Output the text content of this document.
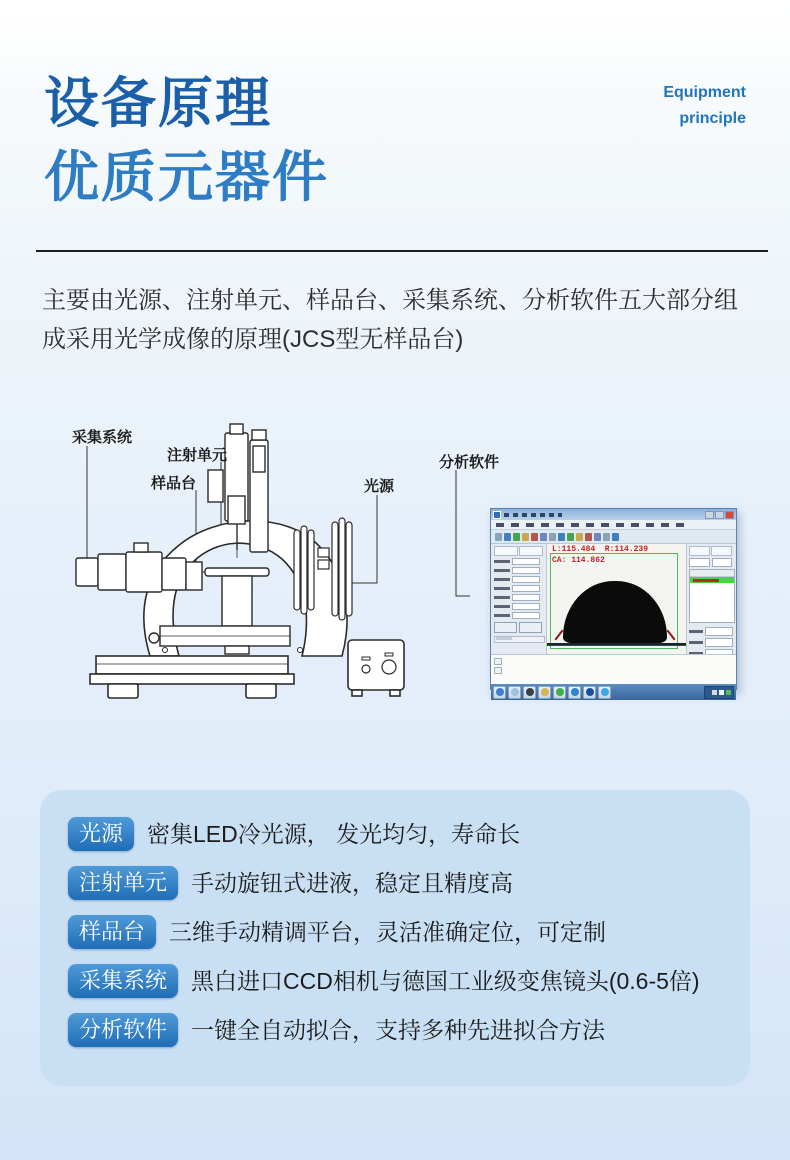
设备原理
优质元器件
Equipment
principle
主要由光源、注射单元、样品台、采集系统、分析软件五大部分组
成采用光学成像的原理(JCS型无样品台)
采集系统
注射单元
样品台	光源
分析软件
L:115.484  R:114.239
CA: 114.862
光源	密集LED冷光源， 发光均匀，寿命长
注射单元	手动旋钮式进液，稳定且精度高
样品台	三维手动精调平台，灵活准确定位，可定制
采集系统	黑白进口CCD相机与德国工业级变焦镜头(0.6-5倍)
分析软件	一键全自动拟合，支持多种先进拟合方法
